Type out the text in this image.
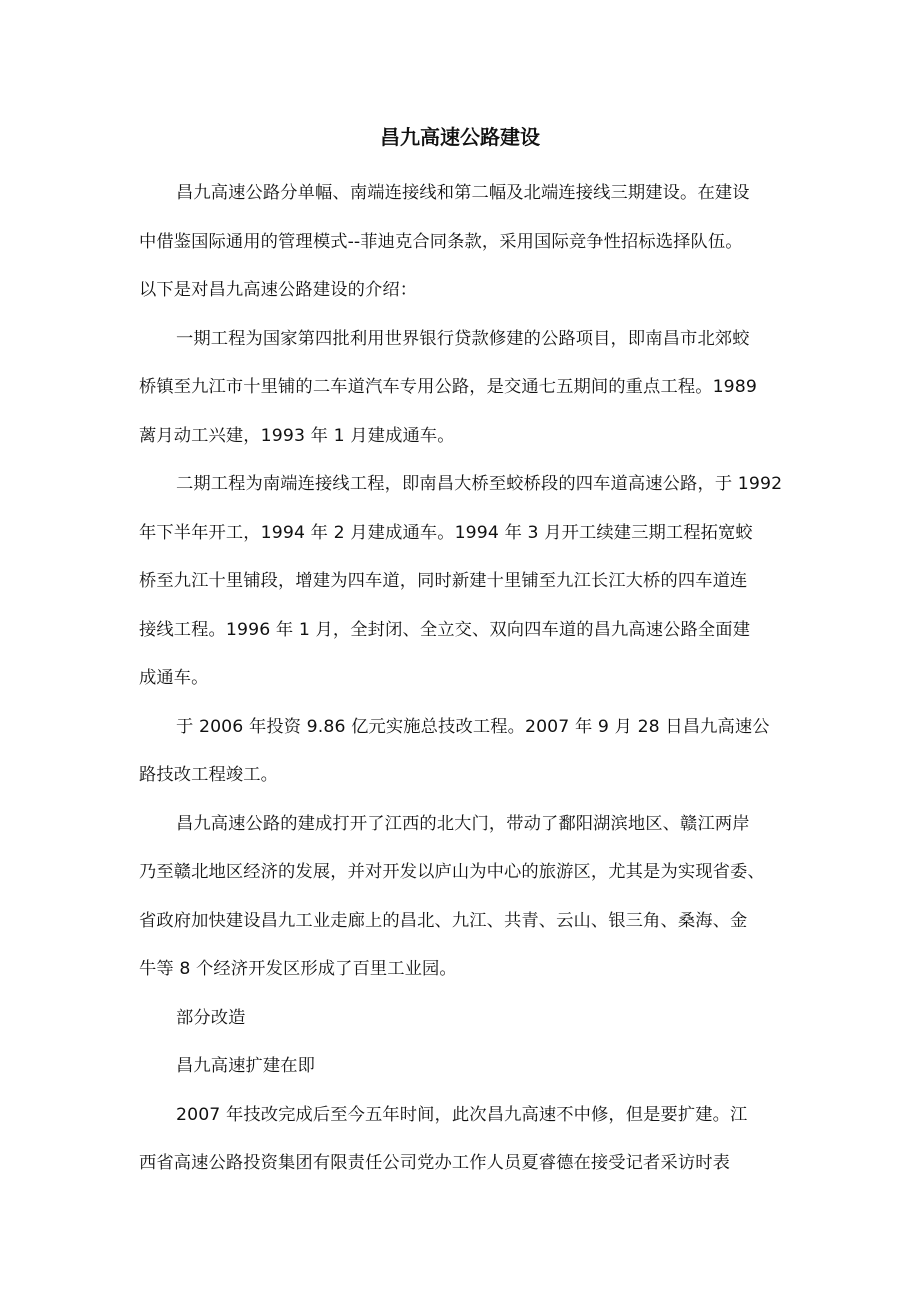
昌九高速公路建设

昌九高速公路分单幅、南端连接线和第二幅及北端连接线三期建设。在建设
中借鉴国际通用的管理模式--菲迪克合同条款，采用国际竞争性招标选择队伍。
以下是对昌九高速公路建设的介绍：

一期工程为国家第四批利用世界银行贷款修建的公路项目，即南昌市北郊蛟
桥镇至九江市十里铺的二车道汽车专用公路，是交通七五期间的重点工程。1989
蓠月动工兴建，1993 年 1 月建成通车。

二期工程为南端连接线工程，即南昌大桥至蛟桥段的四车道高速公路，于 1992
年下半年开工，1994 年 2 月建成通车。1994 年 3 月开工续建三期工程拓宽蛟
桥至九江十里铺段，增建为四车道，同时新建十里铺至九江长江大桥的四车道连
接线工程。1996 年 1 月，全封闭、全立交、双向四车道的昌九高速公路全面建
成通车。

于 2006 年投资 9.86 亿元实施总技改工程。2007 年 9 月 28 日昌九高速公
路技改工程竣工。

昌九高速公路的建成打开了江西的北大门，带动了鄱阳湖滨地区、赣江两岸
乃至赣北地区经济的发展，并对开发以庐山为中心的旅游区，尤其是为实现省委、
省政府加快建设昌九工业走廊上的昌北、九江、共青、云山、银三角、桑海、金
牛等 8 个经济开发区形成了百里工业园。

部分改造

昌九高速扩建在即

2007 年技改完成后至今五年时间，此次昌九高速不中修，但是要扩建。江
西省高速公路投资集团有限责任公司党办工作人员夏睿德在接受记者采访时表
